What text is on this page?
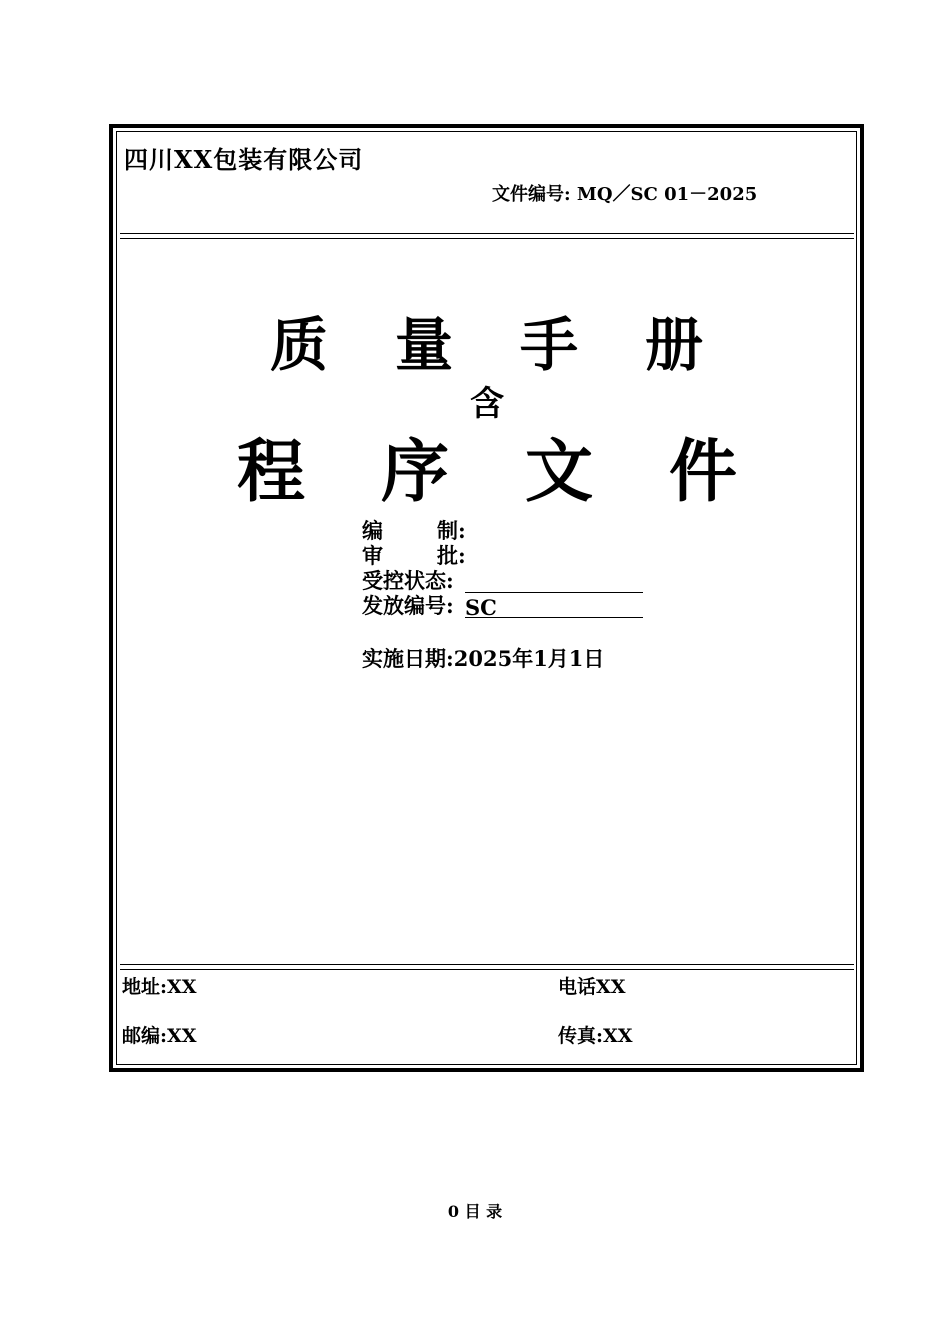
四川XX包装有限公司
文件编号: MQ／SC 01－2025
质 量 手 册
含
程 序 文 件
编	制 :
审	批 :
受控状态 :
发放编号 : SC
实施日期:2025年1月1日
地址:XX	电话XX
邮编:XX	传真:XX
0 目 录
